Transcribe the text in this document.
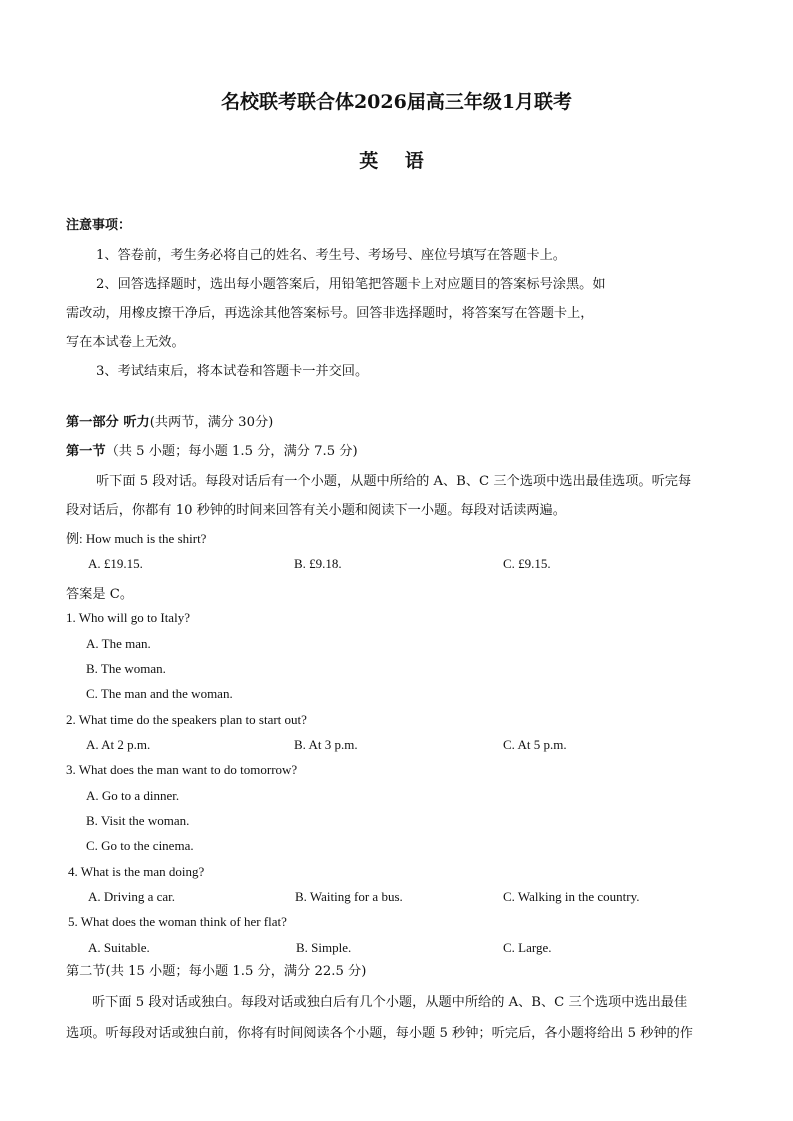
名校联考联合体2026届高三年级1月联考
英 语
注意事项：
1、答卷前，考生务必将自己的姓名、考生号、考场号、座位号填写在答题卡上。
2、回答选择题时，选出每小题答案后，用铅笔把答题卡上对应题目的答案标号涂黑。如
需改动，用橡皮擦干净后，再选涂其他答案标号。回答非选择题时，将答案写在答题卡上，
写在本试卷上无效。
3、考试结束后，将本试卷和答题卡一并交回。
第一部分 听力(共两节，满分 30分)
第一节（共 5 小题；每小题 1.5 分，满分 7.5 分)
听下面 5 段对话。每段对话后有一个小题，从题中所给的 A、B、C 三个选项中选出最佳选项。听完每
段对话后，你都有 10 秒钟的时间来回答有关小题和阅读下一小题。每段对话读两遍。
例: How much is the shirt?
A. £19.15.	B. £9.18.	C. £9.15.
答案是 C。
1. Who will go to Italy?
A. The man.
B. The woman.
C. The man and the woman.
2. What time do the speakers plan to start out?
A. At 2 p.m.	B. At 3 p.m.	C. At 5 p.m.
3. What does the man want to do tomorrow?
A. Go to a dinner.
B. Visit the woman.
C. Go to the cinema.
4. What is the man doing?
A. Driving a car.	B. Waiting for a bus.	C. Walking in the country.
5. What does the woman think of her flat?
A. Suitable.	B. Simple.	C. Large.
第二节(共 15 小题；每小题 1.5 分，满分 22.5 分)
听下面 5 段对话或独白。每段对话或独白后有几个小题，从题中所给的 A、B、C 三个选项中选出最佳
选项。听每段对话或独白前，你将有时间阅读各个小题，每小题 5 秒钟；听完后，各小题将给出 5 秒钟的作
